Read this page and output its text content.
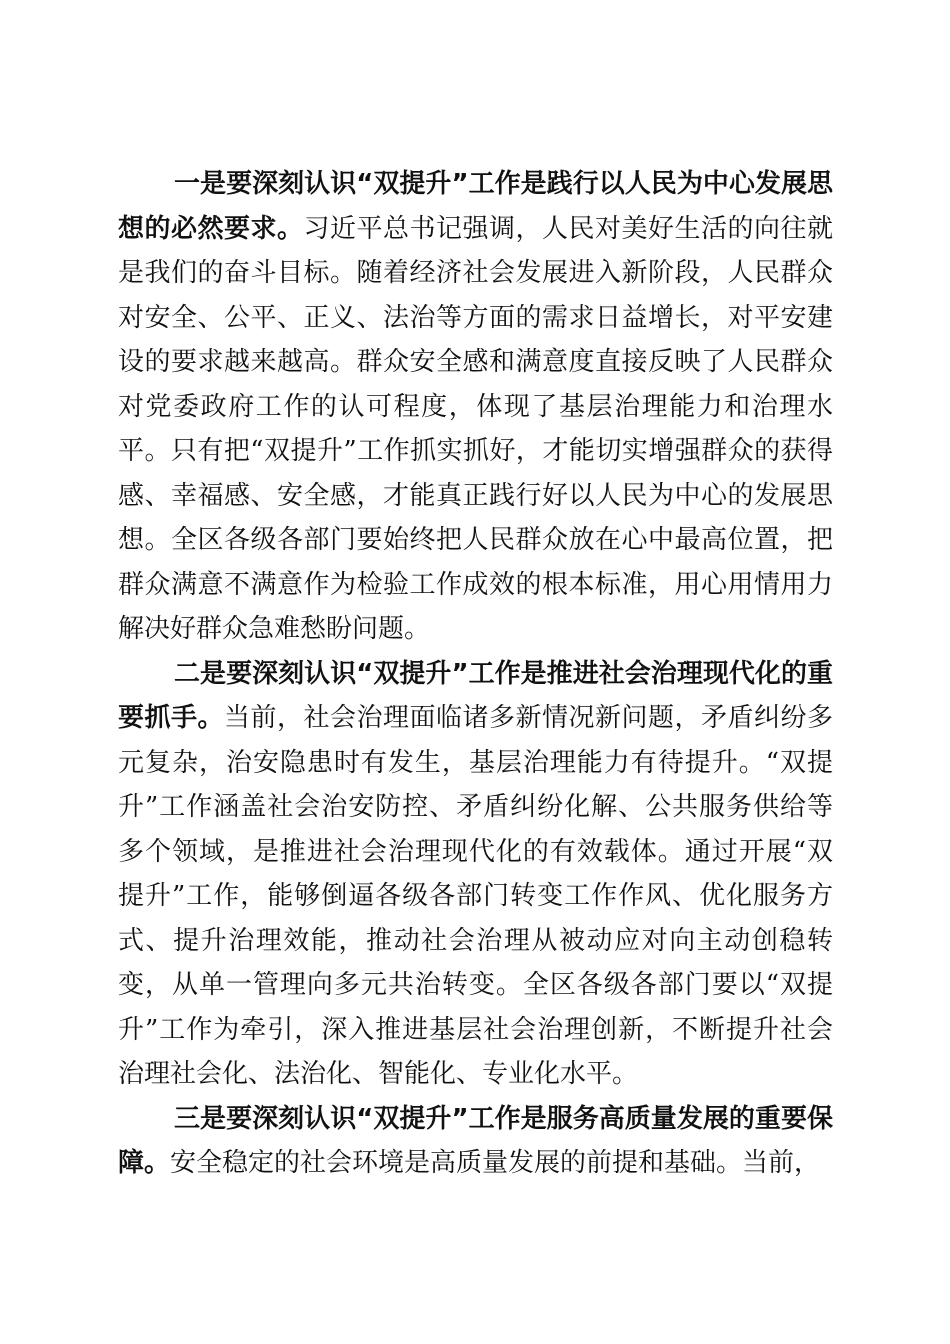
一是要深刻认识“双提升”工作是践行以人民为中心发展思想的必然要求。习近平总书记强调，人民对美好生活的向往就是我们的奋斗目标。随着经济社会发展进入新阶段，人民群众对安全、公平、正义、法治等方面的需求日益增长，对平安建设的要求越来越高。群众安全感和满意度直接反映了人民群众对党委政府工作的认可程度，体现了基层治理能力和治理水平。只有把“双提升”工作抓实抓好，才能切实增强群众的获得感、幸福感、安全感，才能真正践行好以人民为中心的发展思想。全区各级各部门要始终把人民群众放在心中最高位置，把群众满意不满意作为检验工作成效的根本标准，用心用情用力解决好群众急难愁盼问题。

二是要深刻认识“双提升”工作是推进社会治理现代化的重要抓手。当前，社会治理面临诸多新情况新问题，矛盾纠纷多元复杂，治安隐患时有发生，基层治理能力有待提升。“双提升”工作涵盖社会治安防控、矛盾纠纷化解、公共服务供给等多个领域，是推进社会治理现代化的有效载体。通过开展“双提升”工作，能够倒逼各级各部门转变工作作风、优化服务方式、提升治理效能，推动社会治理从被动应对向主动创稳转变，从单一管理向多元共治转变。全区各级各部门要以“双提升”工作为牵引，深入推进基层社会治理创新，不断提升社会治理社会化、法治化、智能化、专业化水平。

三是要深刻认识“双提升”工作是服务高质量发展的重要保障。安全稳定的社会环境是高质量发展的前提和基础。当前，
